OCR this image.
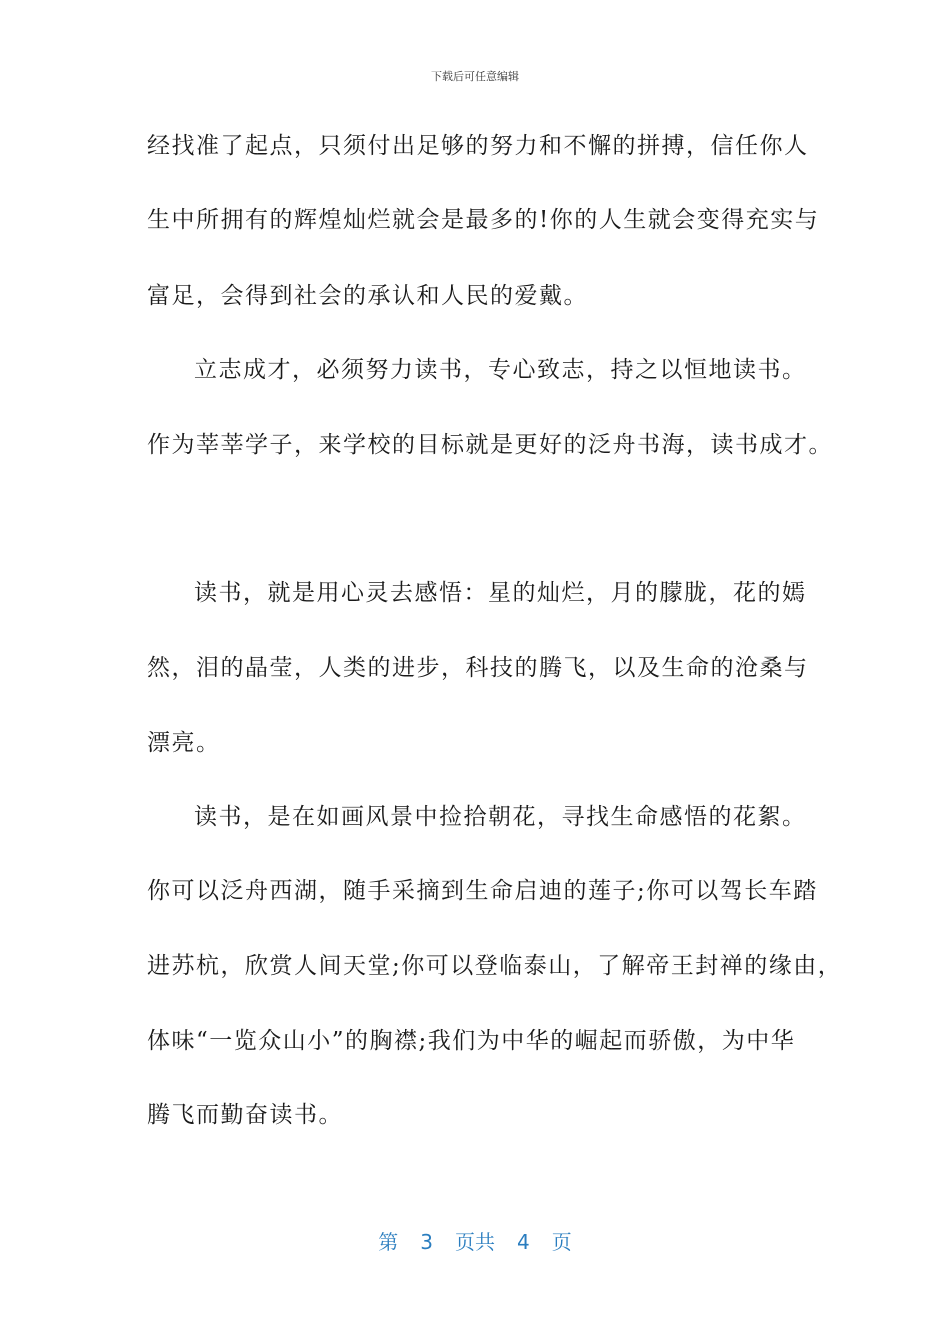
下载后可任意编辑
经找准了起点，只须付出足够的努力和不懈的拼搏，信任你人
生中所拥有的辉煌灿烂就会是最多的!你的人生就会变得充实与
富足，会得到社会的承认和人民的爱戴。
立志成才，必须努力读书，专心致志，持之以恒地读书。
作为莘莘学子，来学校的目标就是更好的泛舟书海，读书成才。
读书，就是用心灵去感悟：星的灿烂，月的朦胧，花的嫣
然，泪的晶莹，人类的进步，科技的腾飞，以及生命的沧桑与
漂亮。
读书，是在如画风景中捡拾朝花，寻找生命感悟的花絮。
你可以泛舟西湖，随手采摘到生命启迪的莲子;你可以驾长车踏
进苏杭，欣赏人间天堂;你可以登临泰山，了解帝王封禅的缘由，
体味“一览众山小”的胸襟;我们为中华的崛起而骄傲，为中华
腾飞而勤奋读书。
第 3 页共 4 页
